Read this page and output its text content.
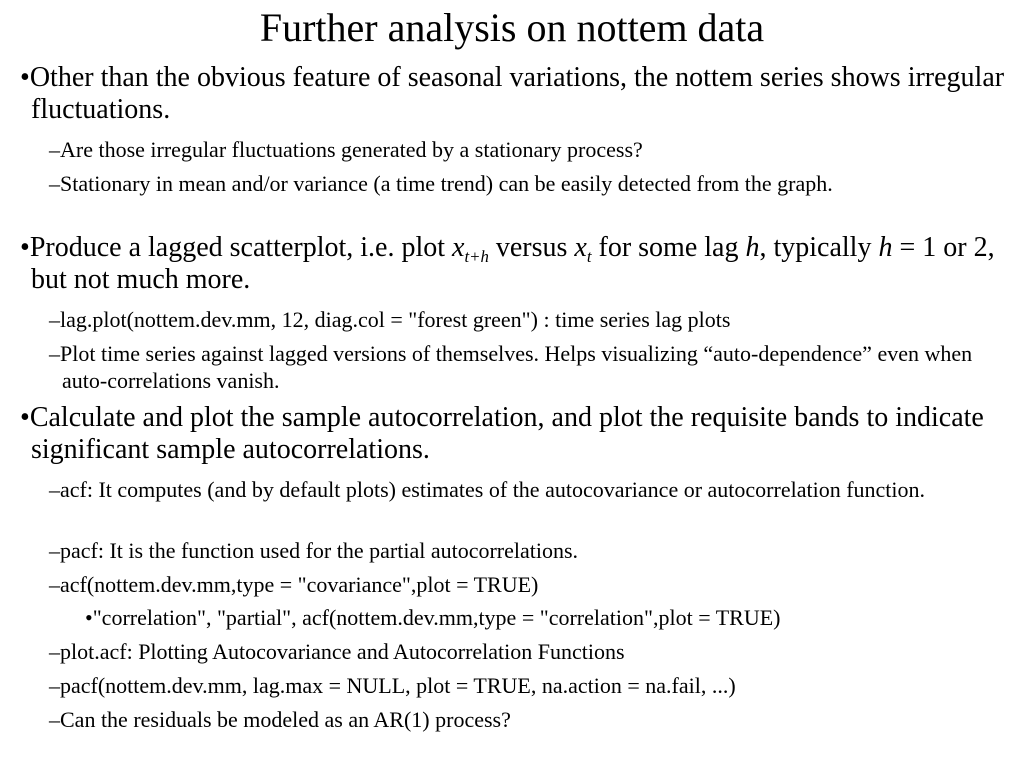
Further analysis on nottem data
•Other than the obvious feature of seasonal variations, the nottem series shows irregular fluctuations.
–Are those irregular fluctuations generated by a stationary process?
–Stationary in mean and/or variance (a time trend) can be easily detected from the graph.
•Produce a lagged scatterplot, i.e. plot $x_{t+h}$ versus $x_t$ for some lag h, typically h = 1 or 2, but not much more.
–lag.plot(nottem.dev.mm, 12, diag.col = "forest green") : time series lag plots
–Plot time series against lagged versions of themselves. Helps visualizing “auto-dependence” even when auto-correlations vanish.
•Calculate and plot the sample autocorrelation, and plot the requisite bands to indicate significant sample autocorrelations.
–acf: It computes (and by default plots) estimates of the autocovariance or autocorrelation function.
–pacf: It is the function used for the partial autocorrelations.
–acf(nottem.dev.mm,type = "covariance",plot = TRUE)
•"correlation", "partial", acf(nottem.dev.mm,type = "correlation",plot = TRUE)
–plot.acf: Plotting Autocovariance and Autocorrelation Functions
–pacf(nottem.dev.mm, lag.max = NULL, plot = TRUE, na.action = na.fail, ...)
–Can the residuals be modeled as an AR(1) process?
